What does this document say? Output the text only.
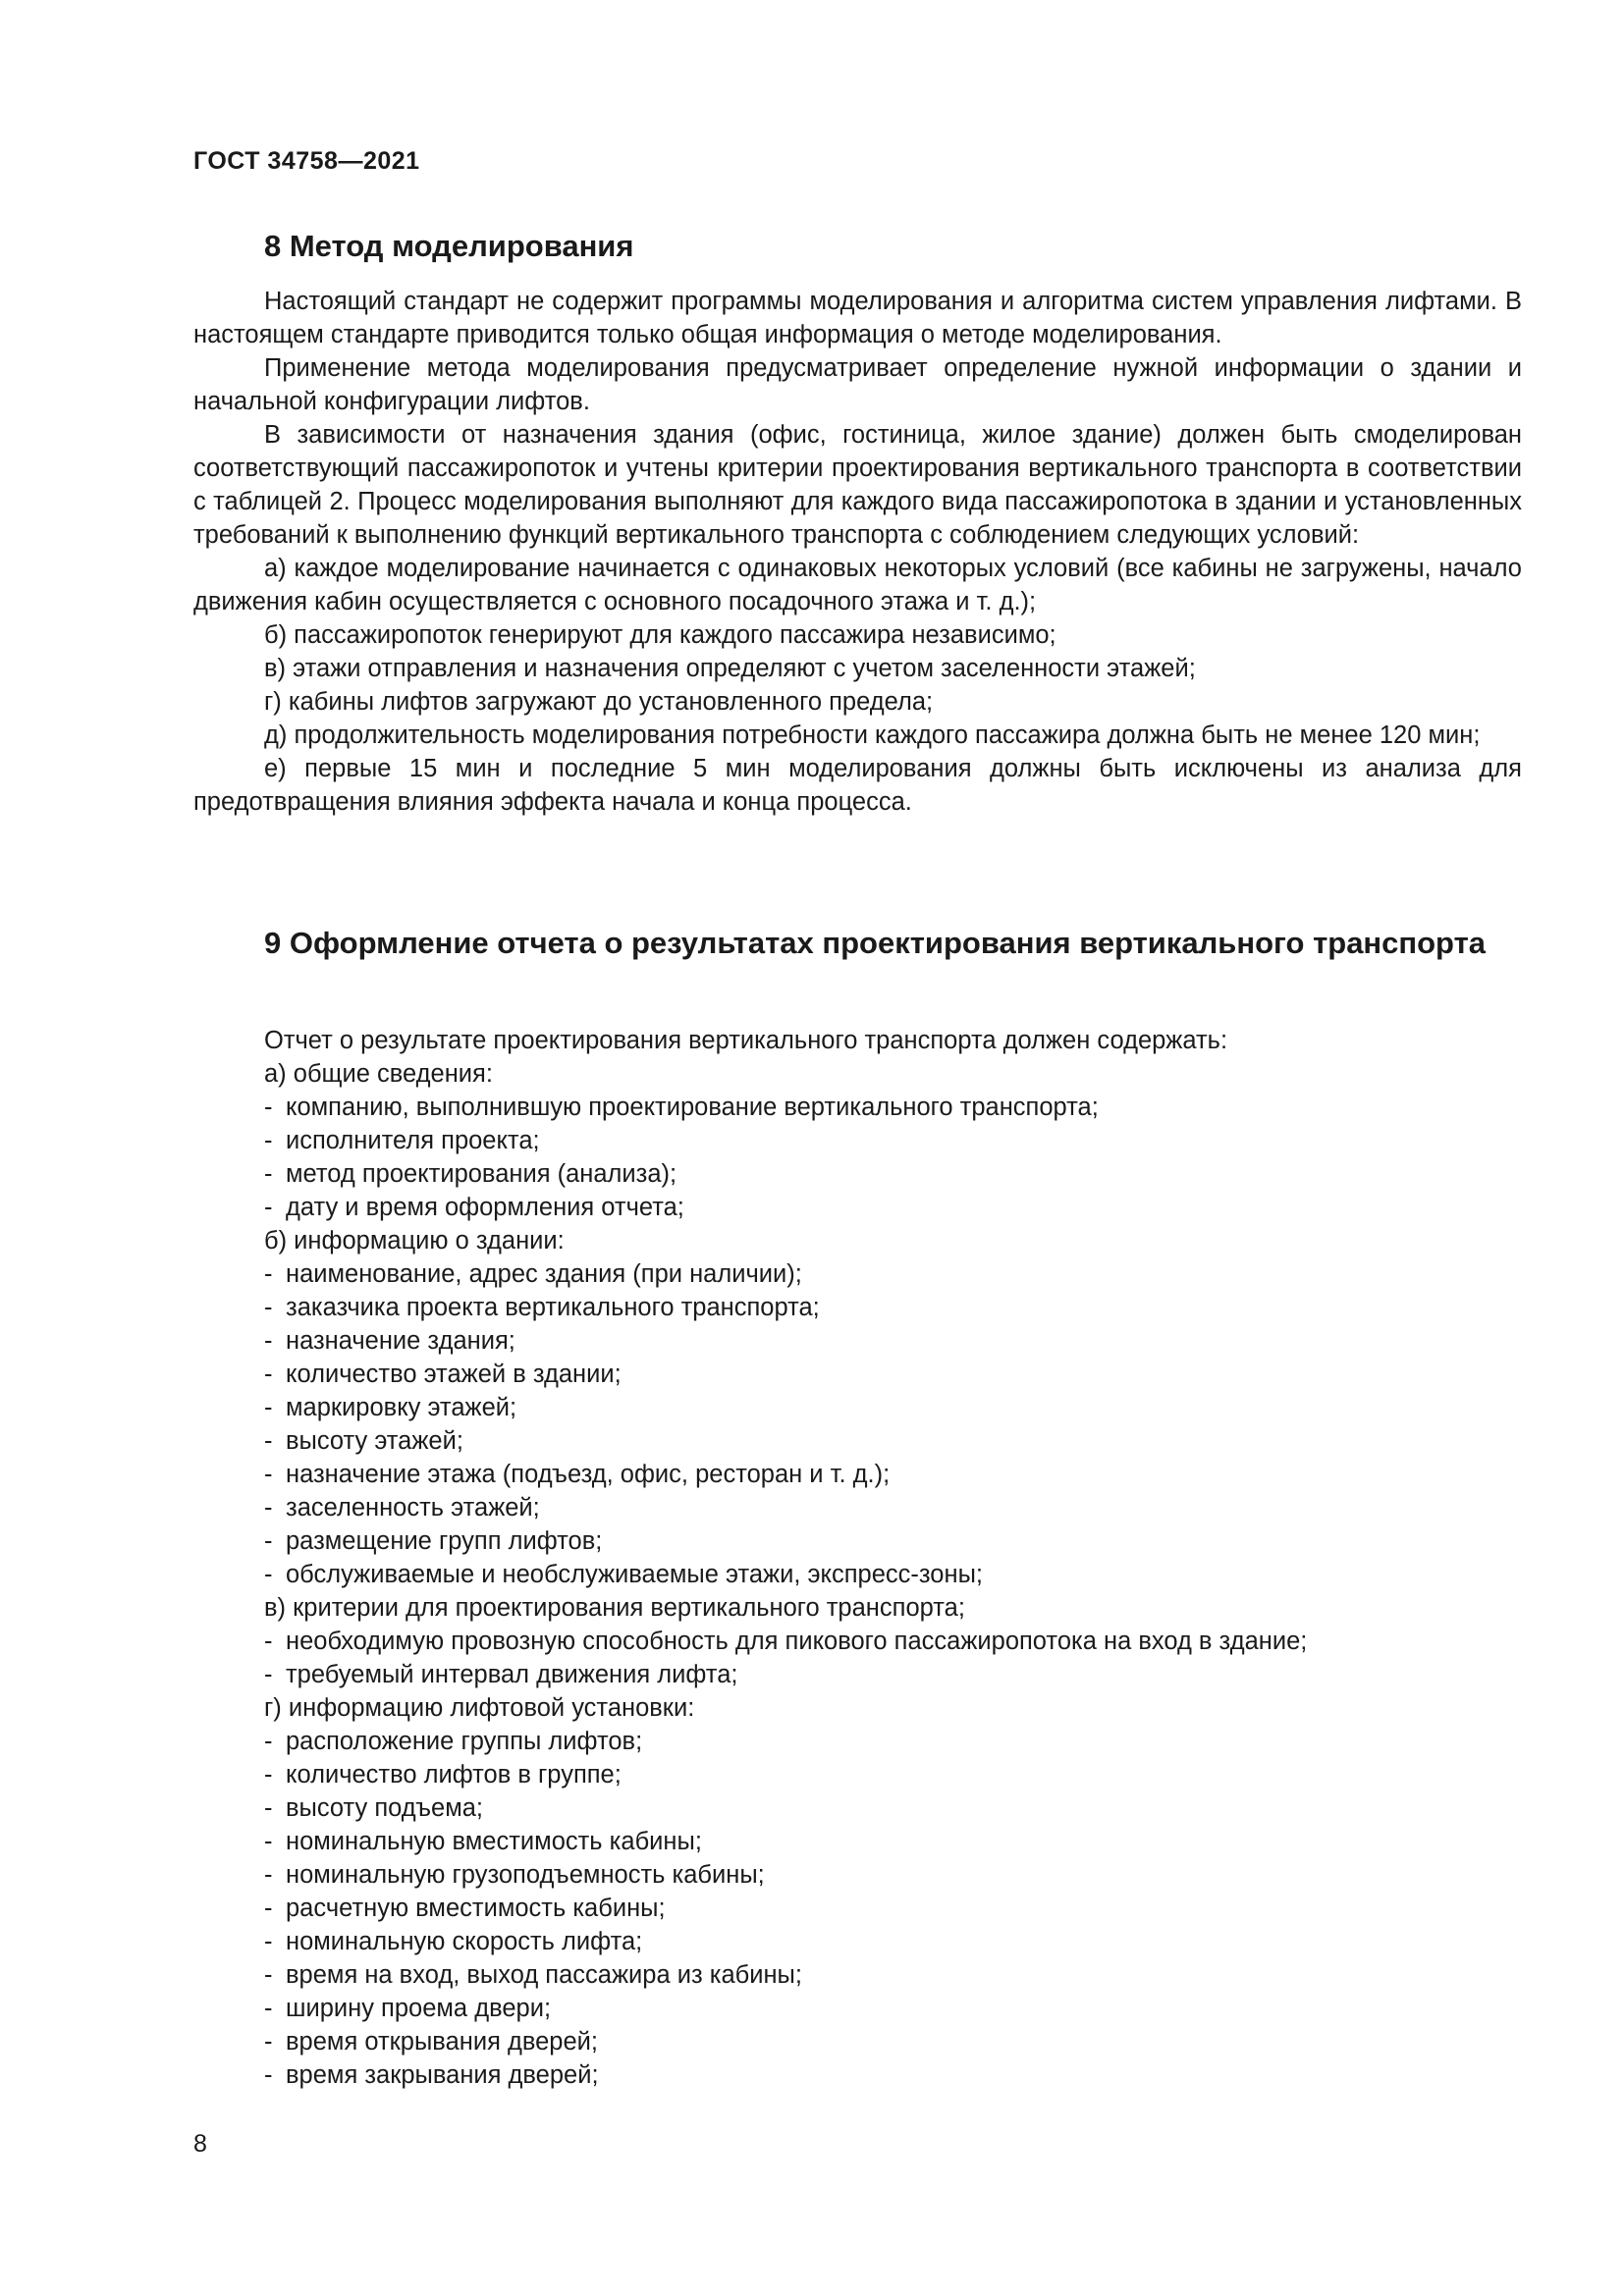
ГОСТ 34758—2021
8 Метод моделирования

Настоящий стандарт не содержит программы моделирования и алгоритма систем управления лифтами. В настоящем стандарте приводится только общая информация о методе моделирования.

Применение метода моделирования предусматривает определение нужной информации о здании и начальной конфигурации лифтов.

В зависимости от назначения здания (офис, гостиница, жилое здание) должен быть смоделирован соответствующий пассажиропоток и учтены критерии проектирования вертикального транспорта в соответствии с таблицей 2. Процесс моделирования выполняют для каждого вида пассажиропотока в здании и установленных требований к выполнению функций вертикального транспорта с соблюдением следующих условий:

а) каждое моделирование начинается с одинаковых некоторых условий (все кабины не загружены, начало движения кабин осуществляется с основного посадочного этажа и т. д.);

б) пассажиропоток генерируют для каждого пассажира независимо;

в) этажи отправления и назначения определяют с учетом заселенности этажей;

г) кабины лифтов загружают до установленного предела;

д) продолжительность моделирования потребности каждого пассажира должна быть не менее 120 мин;

е) первые 15 мин и последние 5 мин моделирования должны быть исключены из анализа для предотвращения влияния эффекта начала и конца процесса.

9 Оформление отчета о результатах проектирования вертикального транспорта

Отчет о результате проектирования вертикального транспорта должен содержать:

а) общие сведения:
- компанию, выполнившую проектирование вертикального транспорта;
- исполнителя проекта;
- метод проектирования (анализа);
- дату и время оформления отчета;
б) информацию о здании:
- наименование, адрес здания (при наличии);
- заказчика проекта вертикального транспорта;
- назначение здания;
- количество этажей в здании;
- маркировку этажей;
- высоту этажей;
- назначение этажа (подъезд, офис, ресторан и т. д.);
- заселенность этажей;
- размещение групп лифтов;
- обслуживаемые и необслуживаемые этажи, экспресс-зоны;
в) критерии для проектирования вертикального транспорта;
- необходимую провозную способность для пикового пассажиропотока на вход в здание;
- требуемый интервал движения лифта;
г) информацию лифтовой установки:
- расположение группы лифтов;
- количество лифтов в группе;
- высоту подъема;
- номинальную вместимость кабины;
- номинальную грузоподъемность кабины;
- расчетную вместимость кабины;
- номинальную скорость лифта;
- время на вход, выход пассажира из кабины;
- ширину проема двери;
- время открывания дверей;
- время закрывания дверей;

8
